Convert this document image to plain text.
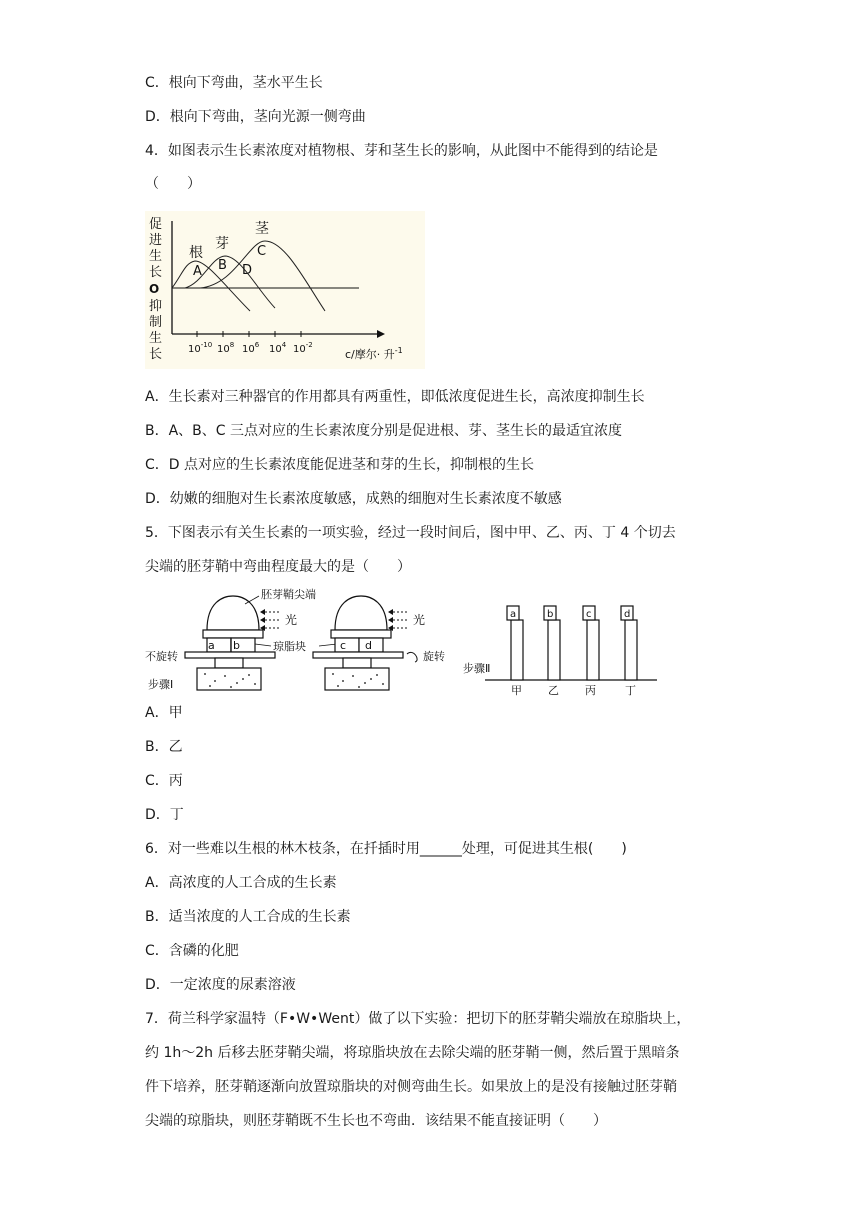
C．根向下弯曲，茎水平生长
D．根向下弯曲，茎向光源一侧弯曲
4．如图表示生长素浓度对植物根、芽和茎生长的影响，从此图中不能得到的结论是
（　　）
促
进
生
长
O
抑
制
生
长
根
芽
茎
A B
C
D
$10^{-10}$ $10^8$ $10^6$ $10^4$ $10^{-2}$
c/摩尔· 升$^{-1}$
A．生长素对三种器官的作用都具有两重性，即低浓度促进生长，高浓度抑制生长
B．A、B、C 三点对应的生长素浓度分别是促进根、芽、茎生长的最适宜浓度
C．D 点对应的生长素浓度能促进茎和芽的生长，抑制根的生长
D．幼嫩的细胞对生长素浓度敏感，成熟的细胞对生长素浓度不敏感
5．下图表示有关生长素的一项实验，经过一段时间后，图中甲、乙、丙、丁 4 个切去
尖端的胚芽鞘中弯曲程度最大的是（　　）
a b
不旋转
步骤Ⅰ
光
胚芽鞘尖端
琼脂块	c d
光
旋转
步骤Ⅱ
a	b	c	d
甲 乙 丙	丁
A．甲
B．乙
C．丙
D．丁
6．对一些难以生根的林木枝条，在扦插时用______处理，可促进其生根(　　)
A．高浓度的人工合成的生长素
B．适当浓度的人工合成的生长素
C．含磷的化肥
D．一定浓度的尿素溶液
7．荷兰科学家温特（F•W•Went）做了以下实验：把切下的胚芽鞘尖端放在琼脂块上，
约 1h～2h 后移去胚芽鞘尖端，将琼脂块放在去除尖端的胚芽鞘一侧，然后置于黑暗条
件下培养，胚芽鞘逐渐向放置琼脂块的对侧弯曲生长。如果放上的是没有接触过胚芽鞘
尖端的琼脂块，则胚芽鞘既不生长也不弯曲．该结果不能直接证明（　　）
